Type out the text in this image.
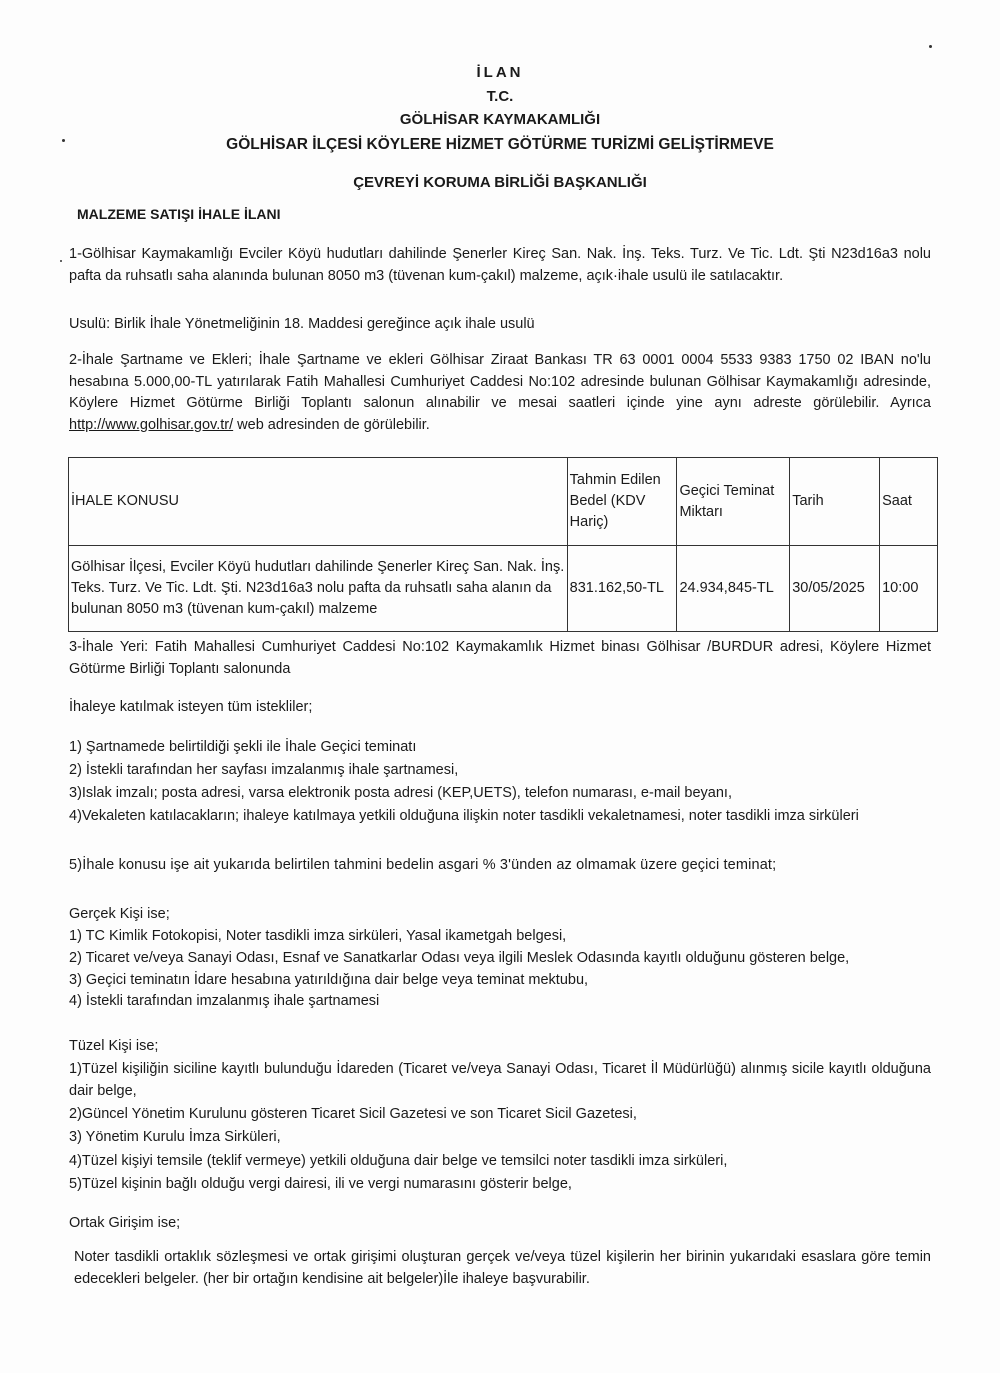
İLAN
T.C.
GÖLHİSAR KAYMAKAMLIĞI
GÖLHİSAR İLÇESİ KÖYLERE HİZMET GÖTÜRME TURİZMİ GELİŞTİRMEVE
ÇEVREYİ KORUMA BİRLİĞİ BAŞKANLIĞI
MALZEME SATIŞI İHALE İLANI
1-Gölhisar Kaymakamlığı Evciler Köyü hudutları dahilinde Şenerler Kireç San. Nak. İnş. Teks. Turz. Ve Tic. Ldt. Şti N23d16a3 nolu pafta da ruhsatlı saha alanında bulunan 8050 m3 (tüvenan kum-çakıl) malzeme, açık·ihale usulü ile satılacaktır.
Usulü: Birlik İhale Yönetmeliğinin 18. Maddesi gereğince açık ihale usulü
2-İhale Şartname ve Ekleri; İhale Şartname ve ekleri Gölhisar Ziraat Bankası TR 63 0001 0004 5533 9383 1750 02 IBAN no'lu hesabına 5.000,00-TL yatırılarak Fatih Mahallesi Cumhuriyet Caddesi No:102 adresinde bulunan Gölhisar Kaymakamlığı adresinde, Köylere Hizmet Götürme Birliği Toplantı salonun alınabilir ve mesai saatleri içinde yine aynı adreste görülebilir. Ayrıca http://www.golhisar.gov.tr/ web adresinden de görülebilir.
İHALE KONUSU	Tahmin Edilen Bedel (KDV Hariç)	Geçici Teminat Miktarı	Tarih	Saat
Gölhisar İlçesi, Evciler Köyü hudutları dahilinde Şenerler Kireç San. Nak. İnş. Teks. Turz. Ve Tic. Ldt. Şti. N23d16a3 nolu pafta da ruhsatlı saha alanın da bulunan 8050 m3 (tüvenan kum-çakıl) malzeme	831.162,50-TL	24.934,845-TL	30/05/2025	10:00
3-İhale Yeri: Fatih Mahallesi Cumhuriyet Caddesi No:102 Kaymakamlık Hizmet binası Gölhisar /BURDUR adresi, Köylere Hizmet Götürme Birliği Toplantı salonunda
İhaleye katılmak isteyen tüm istekliler;
1) Şartnamede belirtildiği şekli ile İhale Geçici teminatı
2) İstekli tarafından her sayfası imzalanmış ihale şartnamesi,
3)Islak imzalı; posta adresi, varsa elektronik posta adresi (KEP,UETS), telefon numarası, e-mail beyanı,
4)Vekaleten katılacakların; ihaleye katılmaya yetkili olduğuna ilişkin noter tasdikli vekaletnamesi, noter tasdikli imza sirküleri
5)İhale konusu işe ait yukarıda belirtilen tahmini bedelin asgari % 3'ünden az olmamak üzere geçici teminat;
Gerçek Kişi ise;
1) TC Kimlik Fotokopisi, Noter tasdikli imza sirküleri, Yasal ikametgah belgesi,
2) Ticaret ve/veya Sanayi Odası, Esnaf ve Sanatkarlar Odası veya ilgili Meslek Odasında kayıtlı olduğunu gösteren belge,
3) Geçici teminatın İdare hesabına yatırıldığına dair belge veya teminat mektubu,
4) İstekli tarafından imzalanmış ihale şartnamesi
Tüzel Kişi ise;
1)Tüzel kişiliğin siciline kayıtlı bulunduğu İdareden (Ticaret ve/veya Sanayi Odası, Ticaret İl Müdürlüğü) alınmış sicile kayıtlı olduğuna dair belge,
2)Güncel Yönetim Kurulunu gösteren Ticaret Sicil Gazetesi ve son Ticaret Sicil Gazetesi,
3) Yönetim Kurulu İmza Sirküleri,
4)Tüzel kişiyi temsile (teklif vermeye) yetkili olduğuna dair belge ve temsilci noter tasdikli imza sirküleri,
5)Tüzel kişinin bağlı olduğu vergi dairesi, ili ve vergi numarasını gösterir belge,
Ortak Girişim ise;
Noter tasdikli ortaklık sözleşmesi ve ortak girişimi oluşturan gerçek ve/veya tüzel kişilerin her birinin yukarıdaki esaslara göre temin edecekleri belgeler. (her bir ortağın kendisine ait belgeler)İle ihaleye başvurabilir.
